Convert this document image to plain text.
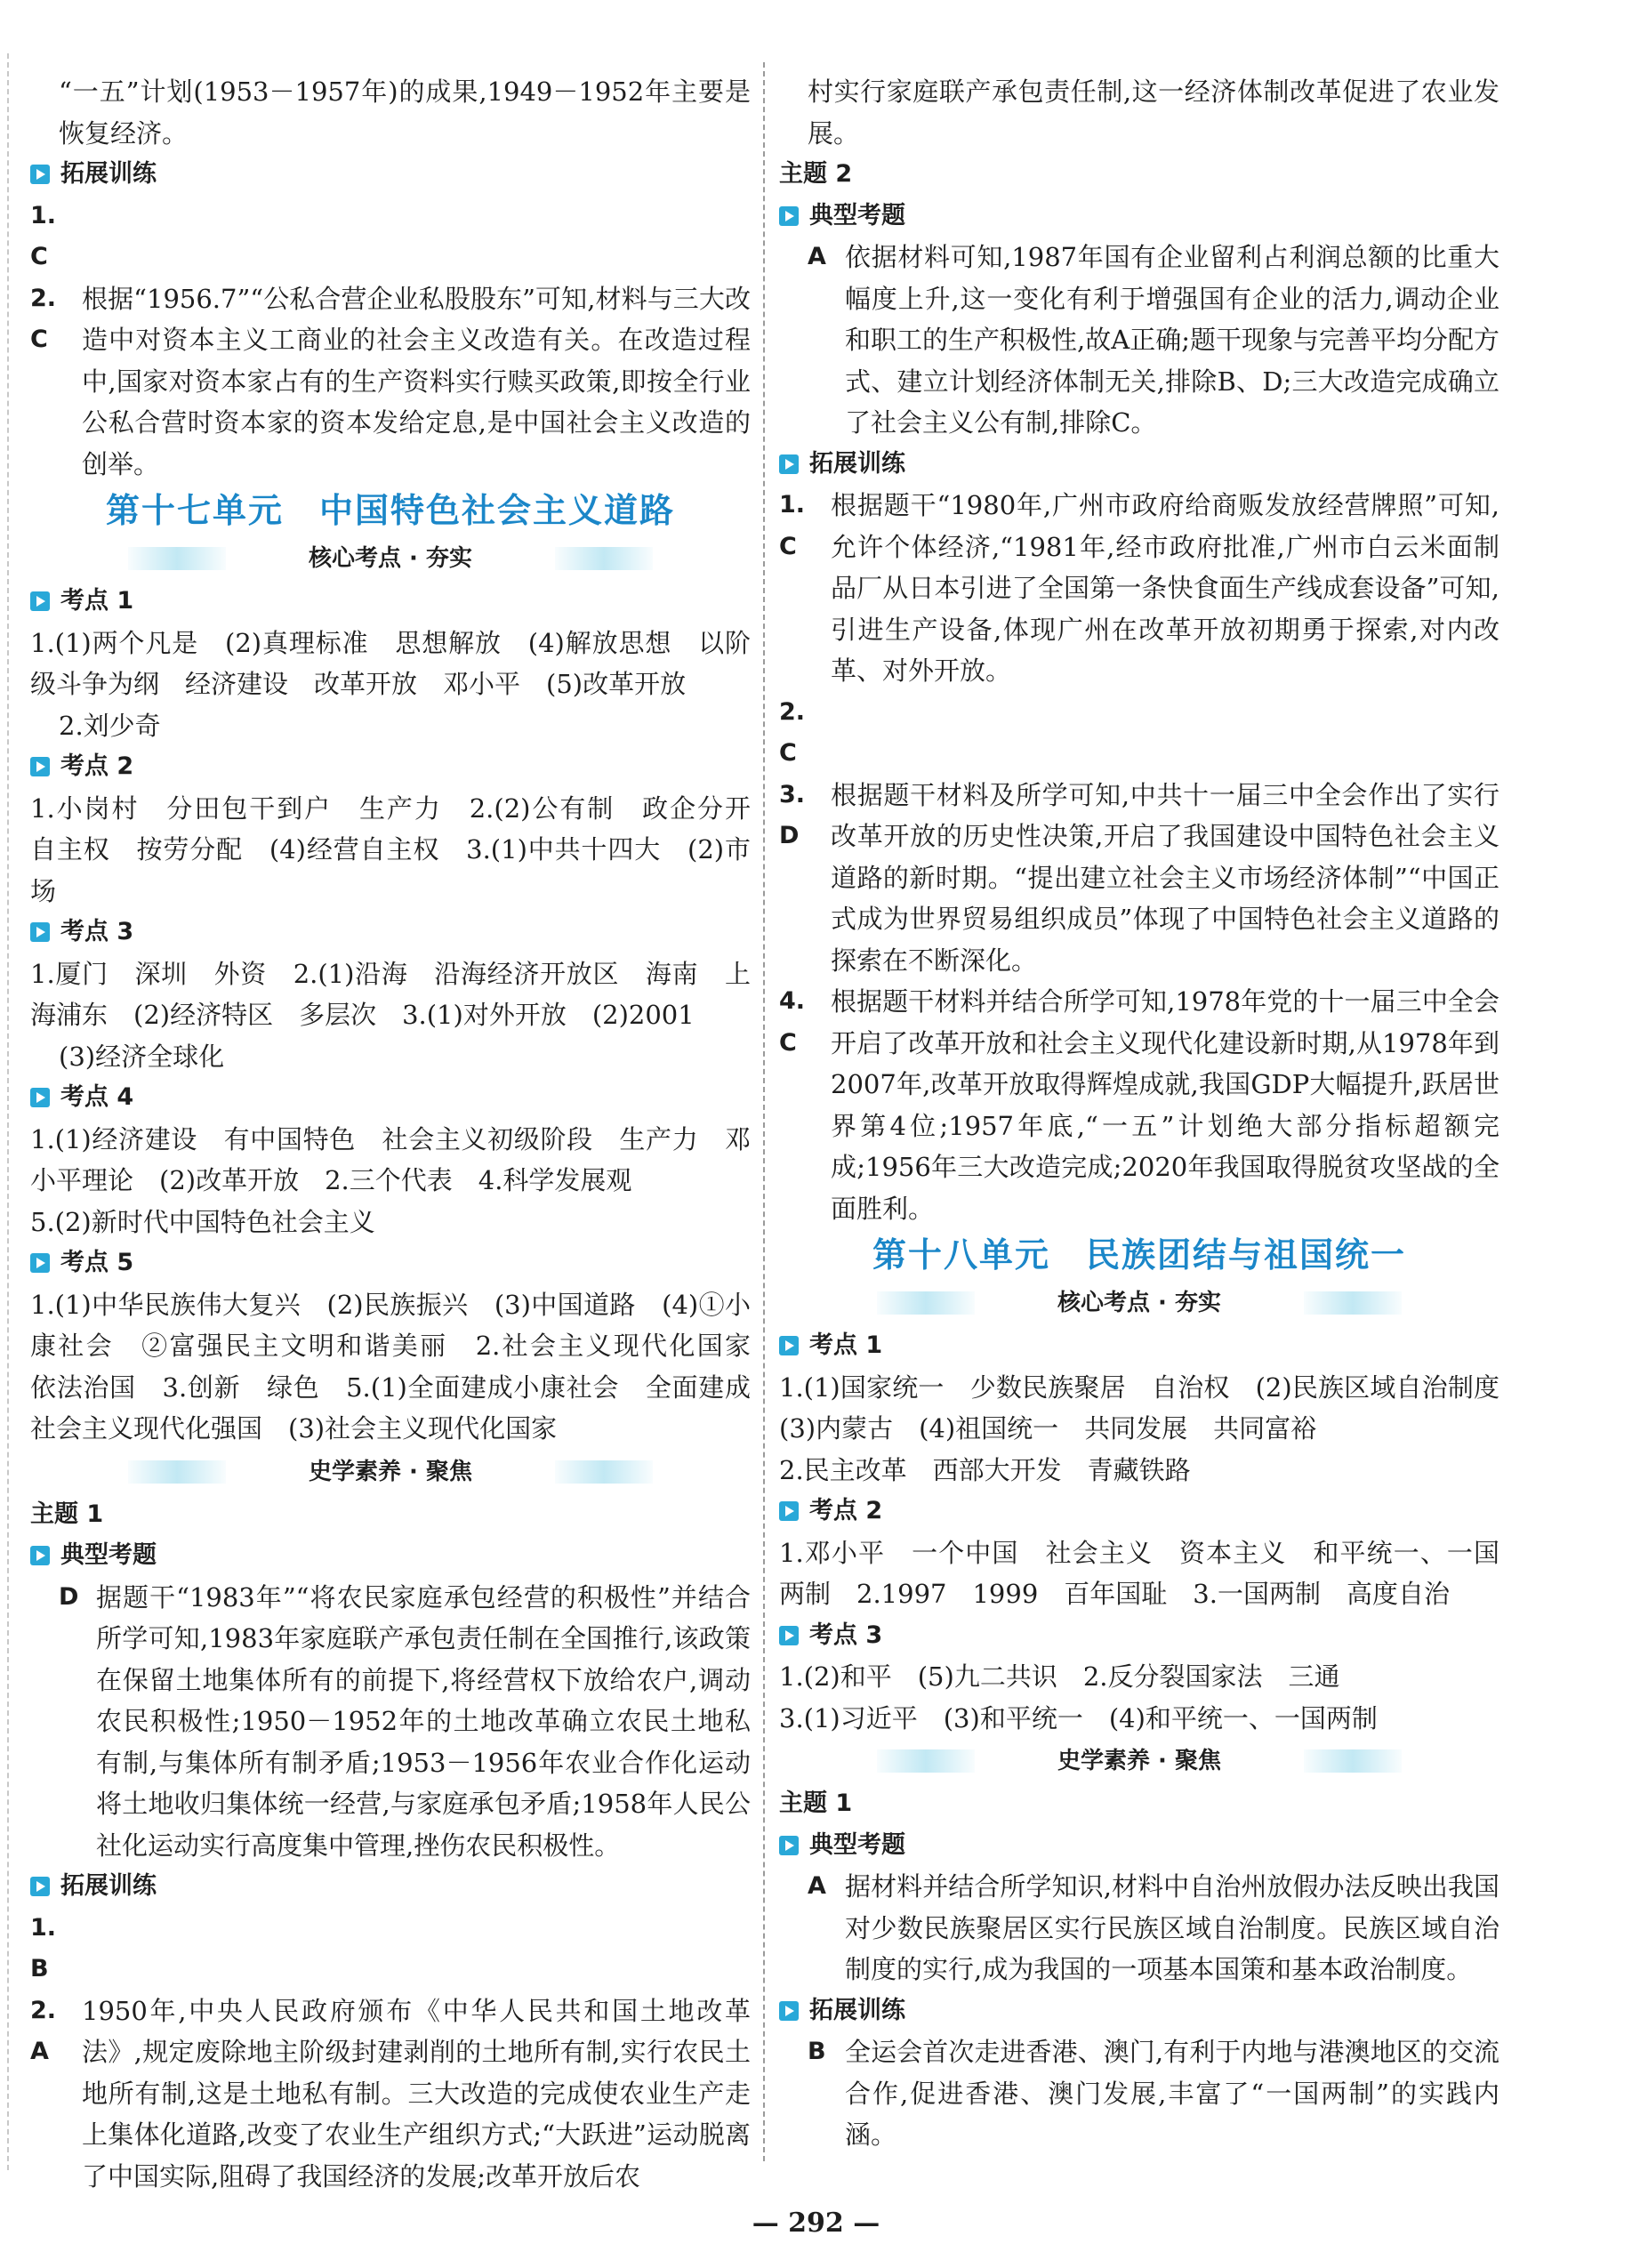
“一五”计划(1953－1957年)的成果,1949－1952年主要是恢复经济。

拓展训练
1. C
2. C
根据“1956.7”“公私合营企业私股股东”可知,材料与三大改造中对资本主义工商业的社会主义改造有关。在改造过程中,国家对资本家占有的生产资料实行赎买政策,即按全行业公私合营时资本家的资本发给定息,是中国社会主义改造的创举。
第十七单元　中国特色社会主义道路
核心考点 · 夯实
考点 1

1.(1)两个凡是　(2)真理标准　思想解放　(4)解放思想　以阶级斗争为纲　经济建设　改革开放　邓小平　(5)改革开放

2.刘少奇

考点 2

1.小岗村　分田包干到户　生产力　2.(2)公有制　政企分开　自主权　按劳分配　(4)经营自主权　3.(1)中共十四大　(2)市场

考点 3

1.厦门　深圳　外资　2.(1)沿海　沿海经济开放区　海南　上海浦东　(2)经济特区　多层次　3.(1)对外开放　(2)2001

(3)经济全球化

考点 4

1.(1)经济建设　有中国特色　社会主义初级阶段　生产力　邓小平理论　(2)改革开放　2.三个代表　4.科学发展观

5.(2)新时代中国特色社会主义

考点 5

1.(1)中华民族伟大复兴　(2)民族振兴　(3)中国道路　(4)①小康社会　②富强民主文明和谐美丽　2.社会主义现代化国家　依法治国　3.创新　绿色　5.(1)全面建成小康社会　全面建成社会主义现代化强国　(3)社会主义现代化国家

史学素养 · 聚焦
主题 1
典型考题
D 据题干“1983年”“将农民家庭承包经营的积极性”并结合所学可知,1983年家庭联产承包责任制在全国推行,该政策在保留土地集体所有的前提下,将经营权下放给农户,调动农民积极性;1950－1952年的土地改革确立农民土地私有制,与集体所有制矛盾;1953－1956年农业合作化运动将土地收归集体统一经营,与家庭承包矛盾;1958年人民公社化运动实行高度集中管理,挫伤农民积极性。
拓展训练
1. B
2. A
1950年,中央人民政府颁布《中华人民共和国土地改革法》,规定废除地主阶级封建剥削的土地所有制,实行农民土地所有制,这是土地私有制。三大改造的完成使农业生产走上集体化道路,改变了农业生产组织方式;“大跃进”运动脱离了中国实际,阻碍了我国经济的发展;改革开放后农

村实行家庭联产承包责任制,这一经济体制改革促进了农业发展。

主题 2
典型考题
A 依据材料可知,1987年国有企业留利占利润总额的比重大幅度上升,这一变化有利于增强国有企业的活力,调动企业和职工的生产积极性,故A正确;题干现象与完善平均分配方式、建立计划经济体制无关,排除B、D;三大改造完成确立了社会主义公有制,排除C。
拓展训练
1. C
根据题干“1980年,广州市政府给商贩发放经营牌照”可知,允许个体经济,“1981年,经市政府批准,广州市白云米面制品厂从日本引进了全国第一条快食面生产线成套设备”可知,引进生产设备,体现广州在改革开放初期勇于探索,对内改革、对外开放。
2. C
3. D
根据题干材料及所学可知,中共十一届三中全会作出了实行改革开放的历史性决策,开启了我国建设中国特色社会主义道路的新时期。“提出建立社会主义市场经济体制”“中国正式成为世界贸易组织成员”体现了中国特色社会主义道路的探索在不断深化。
4. C
根据题干材料并结合所学可知,1978年党的十一届三中全会开启了改革开放和社会主义现代化建设新时期,从1978年到2007年,改革开放取得辉煌成就,我国GDP大幅提升,跃居世界第4位;1957年底,“一五”计划绝大部分指标超额完成;1956年三大改造完成;2020年我国取得脱贫攻坚战的全面胜利。
第十八单元　民族团结与祖国统一
核心考点 · 夯实
考点 1

1.(1)国家统一　少数民族聚居　自治权　(2)民族区域自治制度　(3)内蒙古　(4)祖国统一　共同发展　共同富裕

2.民主改革　西部大开发　青藏铁路

考点 2

1.邓小平　一个中国　社会主义　资本主义　和平统一、一国两制　2.1997　1999　百年国耻　3.一国两制　高度自治

考点 3

1.(2)和平　(5)九二共识　2.反分裂国家法　三通

3.(1)习近平　(3)和平统一　(4)和平统一、一国两制

史学素养 · 聚焦
主题 1
典型考题
A 据材料并结合所学知识,材料中自治州放假办法反映出我国对少数民族聚居区实行民族区域自治制度。民族区域自治制度的实行,成为我国的一项基本国策和基本政治制度。
拓展训练
B 全运会首次走进香港、澳门,有利于内地与港澳地区的交流合作,促进香港、澳门发展,丰富了“一国两制”的实践内涵。
— 292 —
